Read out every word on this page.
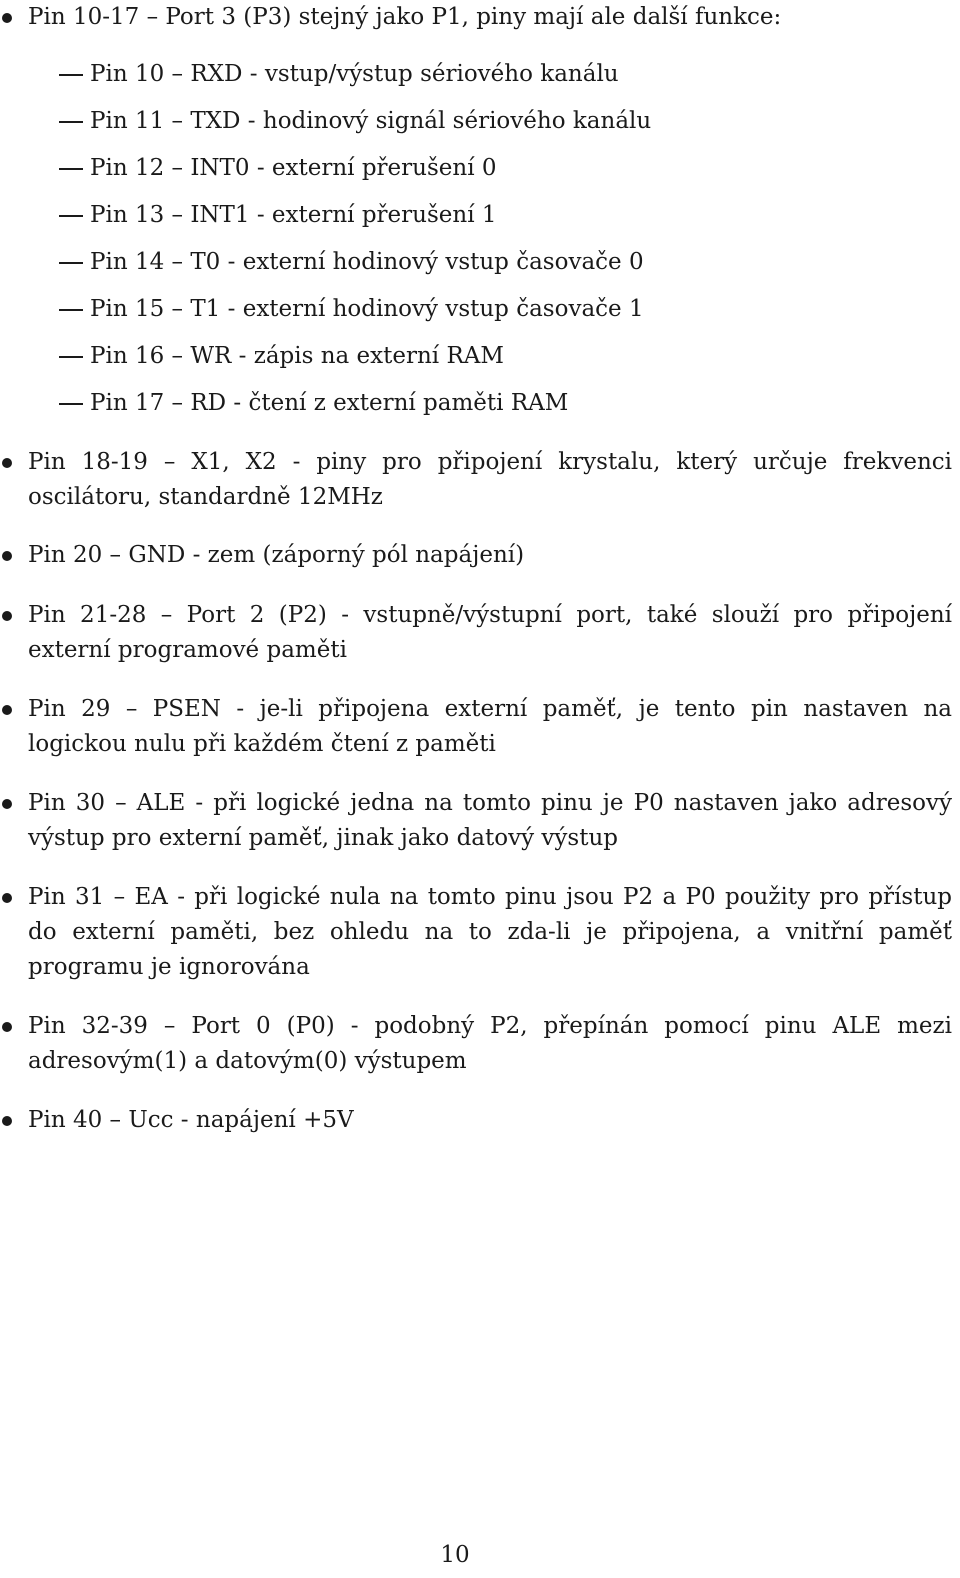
Pin 10-17 – Port 3 (P3) stejný jako P1, piny mají ale další funkce:
Pin 10 – RXD - vstup/výstup sériového kanálu
Pin 11 – TXD - hodinový signál sériového kanálu
Pin 12 – INT0 - externí přerušení 0
Pin 13 – INT1 - externí přerušení 1
Pin 14 – T0 - externí hodinový vstup časovače 0
Pin 15 – T1 - externí hodinový vstup časovače 1
Pin 16 – WR - zápis na externí RAM
Pin 17 – RD - čtení z externí paměti RAM
Pin 18-19 – X1, X2 - piny pro připojení krystalu, který určuje frekvenci oscilátoru, standardně 12MHz
Pin 20 – GND - zem (záporný pól napájení)
Pin 21-28 – Port 2 (P2) - vstupně/výstupní port, také slouží pro připojení externí programové paměti
Pin 29 – PSEN - je-li připojena externí paměť, je tento pin nastaven na logickou nulu při každém čtení z paměti
Pin 30 – ALE - při logické jedna na tomto pinu je P0 nastaven jako adresový výstup pro externí paměť, jinak jako datový výstup
Pin 31 – EA - při logické nula na tomto pinu jsou P2 a P0 použity pro přístup do externí paměti, bez ohledu na to zda-li je připojena, a vnitřní paměť programu je ignorována
Pin 32-39 – Port 0 (P0) - podobný P2, přepínán pomocí pinu ALE mezi adresovým(1) a datovým(0) výstupem
Pin 40 – Ucc - napájení +5V
10
